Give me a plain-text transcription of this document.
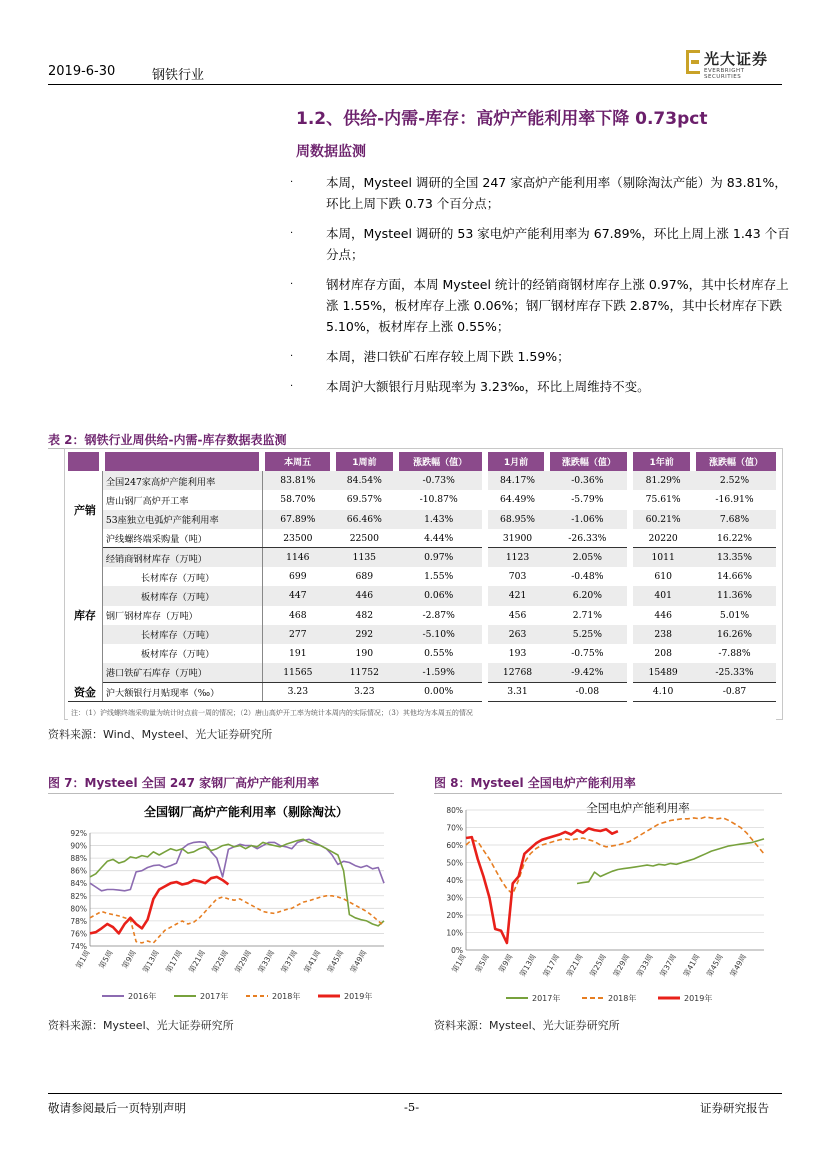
2019-6-30	钢铁行业
光大证券
EVERBRIGHT SECURITIES
1.2、供给-内需-库存：高炉产能利用率下降 0.73pct
周数据监测
·	本周，Mysteel 调研的全国 247 家高炉产能利用率（剔除淘汰产能）为 83.81%，环比上周下跌 0.73 个百分点；
·	本周，Mysteel 调研的 53 家电炉产能利用率为 67.89%，环比上周上涨 1.43 个百分点；
·	钢材库存方面，本周 Mysteel 统计的经销商钢材库存上涨 0.97%，其中长材库存上涨 1.55%，板材库存上涨 0.06%；钢厂钢材库存下跌 2.87%，其中长材库存下跌 5.10%，板材库存上涨 0.55%；
·	本周，港口铁矿石库存较上周下跌 1.59%；
·	本周沪大额银行月贴现率为 3.23‰，环比上周维持不变。
表 2：钢铁行业周供给-内需-库存数据表监测
		本周五	1周前	涨跌幅（值）	1月前	涨跌幅（值）	1年前	涨跌幅（值）
产销	全国247家高炉产能利用率	83.81%	84.54%	-0.73%	84.17%	-0.36%	81.29%	2.52%
	唐山钢厂高炉开工率	58.70%	69.57%	-10.87%	64.49%	-5.79%	75.61%	-16.91%
	53座独立电弧炉产能利用率	67.89%	66.46%	1.43%	68.95%	-1.06%	60.21%	7.68%
	沪线螺终端采购量（吨）	23500	22500	4.44%	31900	-26.33%	20220	16.22%
库存	经销商钢材库存（万吨）	1146	1135	0.97%	1123	2.05%	1011	13.35%
	长材库存（万吨）	699	689	1.55%	703	-0.48%	610	14.66%
	板材库存（万吨）	447	446	0.06%	421	6.20%	401	11.36%
	钢厂钢材库存（万吨）	468	482	-2.87%	456	2.71%	446	5.01%
	长材库存（万吨）	277	292	-5.10%	263	5.25%	238	16.26%
	板材库存（万吨）	191	190	0.55%	193	-0.75%	208	-7.88%
	港口铁矿石库存（万吨）	11565	11752	-1.59%	12768	-9.42%	15489	-25.33%
资金	沪大额银行月贴现率（‰）	3.23	3.23	0.00%	3.31	-0.08	4.10	-0.87
注：（1）沪线螺终端采购量为统计时点前一周的情况；（2）唐山高炉开工率为统计本周内的实际情况；（3）其他均为本周五的情况								
资料来源：Wind、Mysteel、光大证券研究所
图 7：Mysteel 全国 247 家钢厂高炉产能利用率	图 8：Mysteel 全国电炉产能利用率
全国钢厂高炉产能利用率（剔除淘汰）
74%
76%
78%
80%
82%
84%
86%
88%
90%
92%
第1周 第5周 第9周 第13周 第17周 第21周 第25周 第29周 第33周 第37周 第41周 第45周 第49周
2016年	2017年	2018年	2019年
全国电炉产能利用率
0%
10%
20%
30%
40%
50%
60%
70%
80%
第1周 第5周 第9周 第13周 第17周 第21周 第25周 第29周 第33周 第37周 第41周 第45周 第49周
2017年	2018年	2019年
资料来源：Mysteel、光大证券研究所	资料来源：Mysteel、光大证券研究所
敬请参阅最后一页特别声明	-5-	证券研究报告
